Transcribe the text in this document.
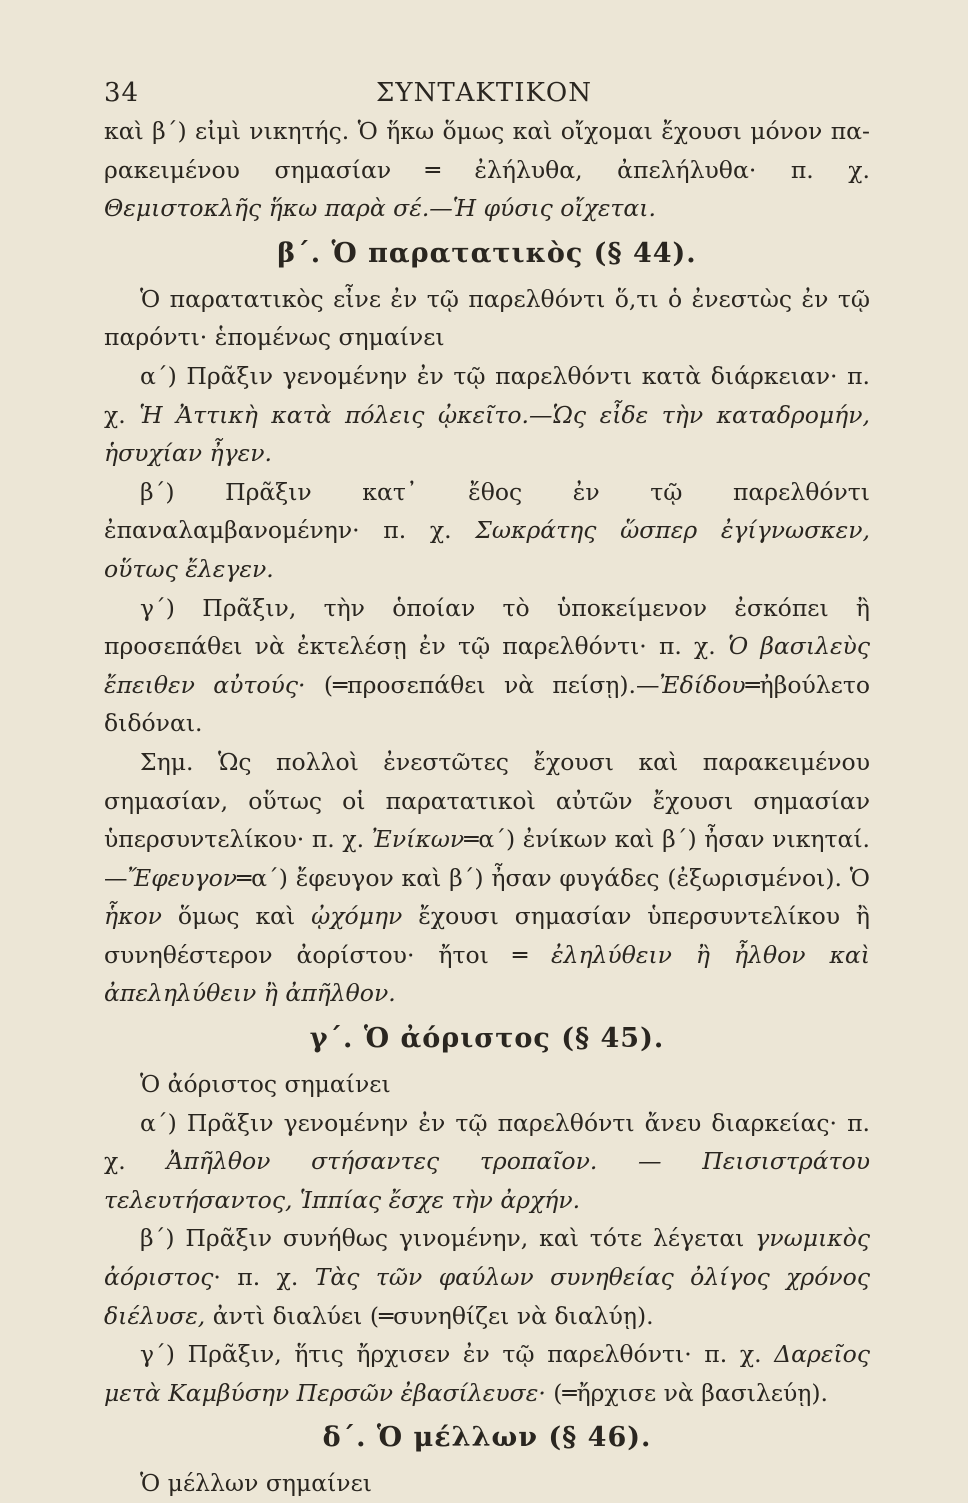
34	ΣΥΝΤΑΚΤΙΚΟΝ

καὶ β΄) εἰμὶ νικητής. Ὁ ἥκω ὅμως καὶ οἴχομαι ἔχουσι μόνον πα- ρακειμένου σημασίαν ═ ἐλήλυθα, ἀπελήλυθα· π. χ. Θεμιστοκλῆς ἥκω παρὰ σέ.—Ἡ φύσις οἴχεται.

β΄. Ὁ παρατατικὸς (§ 44).

Ὁ παρατατικὸς εἶνε ἐν τῷ παρελθόντι ὅ,τι ὁ ἐνεστὼς ἐν τῷ παρόντι· ἑπομένως σημαίνει

α΄) Πρᾶξιν γενομένην ἐν τῷ παρελθόντι κατὰ διάρκειαν· π. χ. Ἡ Ἀττικὴ κατὰ πόλεις ᾠκεῖτο.—Ὡς εἶδε τὴν καταδρομήν, ἡσυχίαν ἦγεν.

β΄) Πρᾶξιν κατ᾿ ἔθος ἐν τῷ παρελθόντι ἐπαναλαμβανομένην· π. χ. Σωκράτης ὥσπερ ἐγίγνωσκεν, οὕτως ἔλεγεν.

γ΄) Πρᾶξιν, τὴν ὁποίαν τὸ ὑποκείμενον ἐσκόπει ἢ προσεπάθει νὰ ἐκτελέσῃ ἐν τῷ παρελθόντι· π. χ. Ὁ βασιλεὺς ἔπειθεν αὐτούς· (═προσεπάθει νὰ πείσῃ).—Ἐδίδου═ἠβούλετο διδόναι.

Σημ. Ὡς πολλοὶ ἐνεστῶτες ἔχουσι καὶ παρακειμένου σημασίαν, οὕτως οἱ παρατατικοὶ αὐτῶν ἔχουσι σημασίαν ὑπερσυντελίκου· π. χ. Ἐνίκων═α΄) ἐνίκων καὶ β΄) ἦσαν νικηταί.—Ἔφευγον═α΄) ἔφευγον καὶ β΄) ἦσαν φυγάδες (ἐξωρισμένοι). Ὁ ἧκον ὅμως καὶ ᾠχόμην ἔχουσι σημασίαν ὑπερσυντελίκου ἢ συνηθέστερον ἀορίστου· ἤτοι ═ ἐληλύθειν ἢ ἦλθον καὶ ἀπεληλύθειν ἢ ἀπῆλθον.

γ΄. Ὁ ἀόριστος (§ 45).

Ὁ ἀόριστος σημαίνει

α΄) Πρᾶξιν γενομένην ἐν τῷ παρελθόντι ἄνευ διαρκείας· π. χ. Ἀπῆλθον στήσαντες τροπαῖον. — Πεισιστράτου τελευτήσαντος, Ἱππίας ἔσχε τὴν ἀρχήν.

β΄) Πρᾶξιν συνήθως γινομένην, καὶ τότε λέγεται γνωμικὸς ἀόριστος· π. χ. Τὰς τῶν φαύλων συνηθείας ὀλίγος χρόνος διέλυσε, ἀντὶ διαλύει (═συνηθίζει νὰ διαλύῃ).

γ΄) Πρᾶξιν, ἥτις ἤρχισεν ἐν τῷ παρελθόντι· π. χ. Δαρεῖος μετὰ Καμβύσην Περσῶν ἐβασίλευσε· (═ἤρχισε νὰ βασιλεύῃ).

δ΄. Ὁ μέλλων (§ 46).

Ὁ μέλλων σημαίνει
